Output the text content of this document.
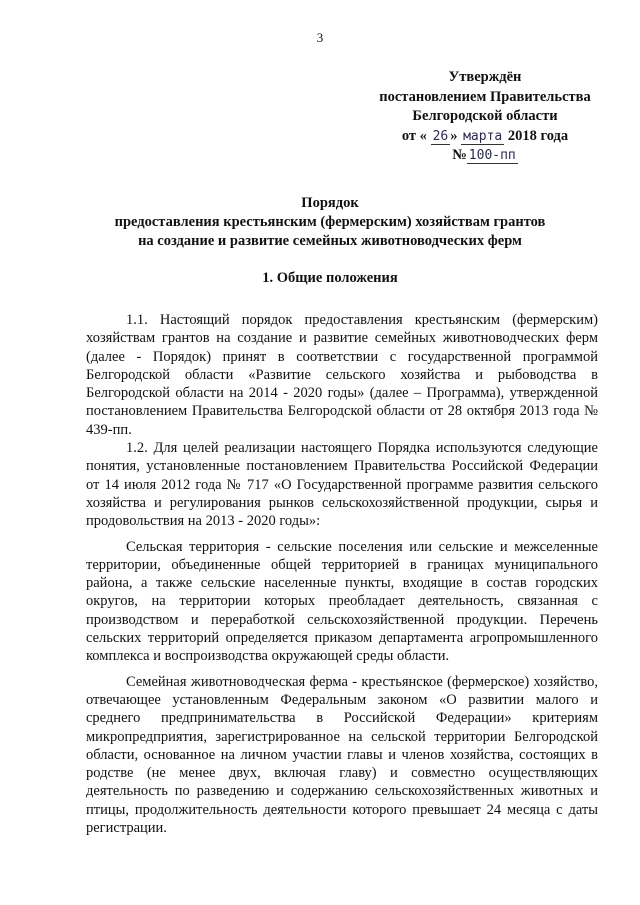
3
Утверждён
постановлением Правительства
Белгородской области
от « 26 » марта 2018 года
№ 100-пп
Порядок
предоставления крестьянским (фермерским) хозяйствам грантов
на создание и развитие семейных животноводческих ферм
1. Общие положения

1.1. Настоящий порядок предоставления крестьянским (фермерским) хозяйствам грантов на создание и развитие семейных животноводческих ферм (далее - Порядок) принят в соответствии с государственной программой Белгородской области «Развитие сельского хозяйства и рыбоводства в Белгородской области на 2014 - 2020 годы» (далее – Программа), утвержденной постановлением Правительства Белгородской области от 28 октября 2013 года № 439-пп.

1.2. Для целей реализации настоящего Порядка используются следующие понятия, установленные постановлением Правительства Российской Федерации от 14 июля 2012 года № 717 «О Государственной программе развития сельского хозяйства и регулирования рынков сельскохозяйственной продукции, сырья и продовольствия на 2013 - 2020 годы»:

Сельская территория - сельские поселения или сельские и межселенные территории, объединенные общей территорией в границах муниципального района, а также сельские населенные пункты, входящие в состав городских округов, на территории которых преобладает деятельность, связанная с производством и переработкой сельскохозяйственной продукции. Перечень сельских территорий определяется приказом департамента агропромышленного комплекса и воспроизводства окружающей среды области.

Семейная животноводческая ферма - крестьянское (фермерское) хозяйство, отвечающее установленным Федеральным законом «О развитии малого и среднего предпринимательства в Российской Федерации» критериям микропредприятия, зарегистрированное на сельской территории Белгородской области, основанное на личном участии главы и членов хозяйства, состоящих в родстве (не менее двух, включая главу) и совместно осуществляющих деятельность по разведению и содержанию сельскохозяйственных животных и птицы, продолжительность деятельности которого превышает 24 месяца с даты регистрации.
